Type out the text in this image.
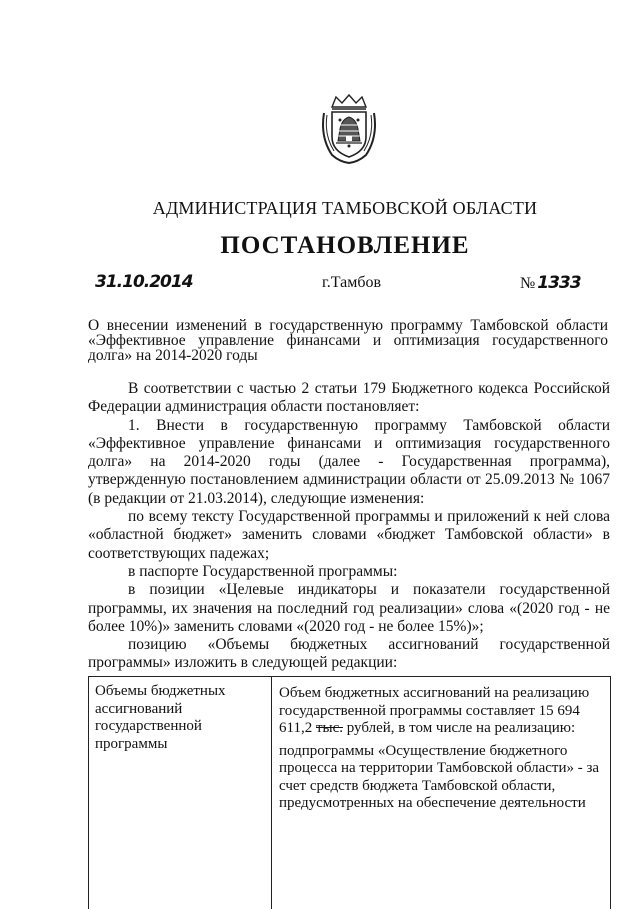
АДМИНИСТРАЦИЯ ТАМБОВСКОЙ ОБЛАСТИ
ПОСТАНОВЛЕНИЕ
31.10.2014	г.Тамбов	№ 1333
О внесении изменений в государственную программу Тамбовской области «Эффективное управление финансами и оптимизация государственного долга» на 2014-2020 годы

В соответствии с частью 2 статьи 179 Бюджетного кодекса Российской Федерации администрация области постановляет:

1. Внести в государственную программу Тамбовской области «Эффективное управление финансами и оптимизация государственного долга» на 2014-2020 годы (далее - Государственная программа), утвержденную постановлением администрации области от 25.09.2013 № 1067 (в редакции от 21.03.2014), следующие изменения:

по всему тексту Государственной программы и приложений к ней слова «областной бюджет» заменить словами «бюджет Тамбовской области» в соответствующих падежах;

в паспорте Государственной программы:

в позиции «Целевые индикаторы и показатели государственной программы, их значения на последний год реализации» слова «(2020 год - не более 10%)» заменить словами «(2020 год - не более 15%)»;

позицию «Объемы бюджетных ассигнований государственной программы» изложить в следующей редакции:

Объемы бюджетных ассигнований государственной программы

Объем бюджетных ассигнований на реализацию государственной программы составляет 15 694 611,2 тыс. рублей, в том числе на реализацию:

подпрограммы «Осуществление бюджетного процесса на территории Тамбовской области» - за счет средств бюджета Тамбовской области, предусмотренных на обеспечение деятельности
